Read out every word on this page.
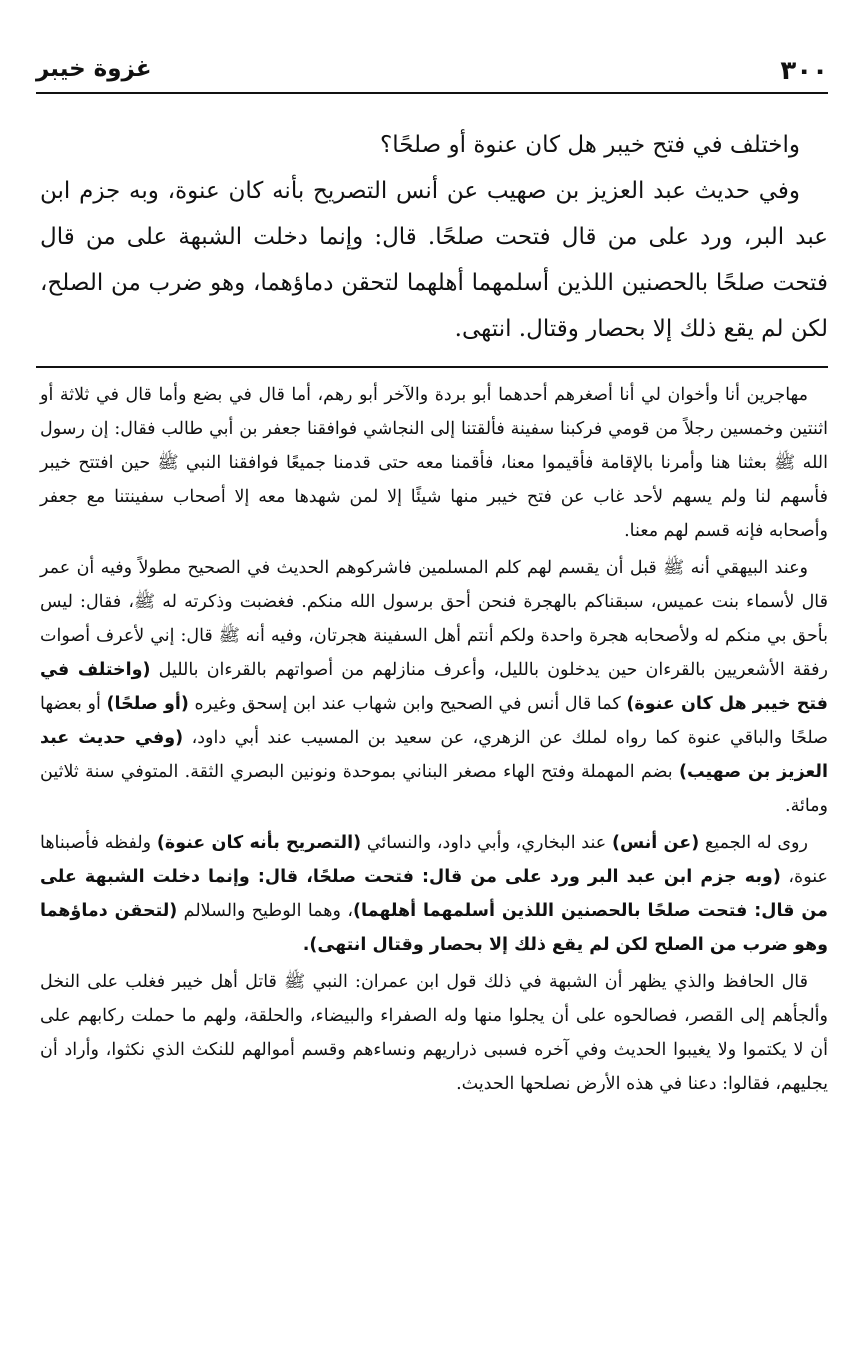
٣٠٠
غزوة خيبر

واختلف في فتح خيبر هل كان عنوة أو صلحًا؟

وفي حديث عبد العزيز بن صهيب عن أنس التصريح بأنه كان عنوة، وبه جزم ابن عبد البر، ورد على من قال فتحت صلحًا. قال: وإنما دخلت الشبهة على من قال فتحت صلحًا بالحصنين اللذين أسلمهما أهلهما لتحقن دماؤهما، وهو ضرب من الصلح، لكن لم يقع ذلك إلا بحصار وقتال. انتهى.

مهاجرين أنا وأخوان لي أنا أصغرهم أحدهما أبو بردة والآخر أبو رهم، أما قال في بضع وأما قال في ثلاثة أو اثنتين وخمسين رجلاً من قومي فركبنا سفينة فألقتنا إلى النجاشي فوافقنا جعفر بن أبي طالب فقال: إن رسول الله ﷺ بعثنا هنا وأمرنا بالإقامة فأقيموا معنا، فأقمنا معه حتى قدمنا جميعًا فوافقنا النبي ﷺ حين افتتح خيبر فأسهم لنا ولم يسهم لأحد غاب عن فتح خيبر منها شيئًا إلا لمن شهدها معه إلا أصحاب سفينتنا مع جعفر وأصحابه فإنه قسم لهم معنا.

وعند البيهقي أنه ﷺ قبل أن يقسم لهم كلم المسلمين فاشركوهم الحديث في الصحيح مطولاً وفيه أن عمر قال لأسماء بنت عميس، سبقناكم بالهجرة فنحن أحق برسول الله منكم. فغضبت وذكرته له ﷺ، فقال: ليس بأحق بي منكم له ولأصحابه هجرة واحدة ولكم أنتم أهل السفينة هجرتان، وفيه أنه ﷺ قال: إني لأعرف أصوات رفقة الأشعريين بالقرءان حين يدخلون بالليل، وأعرف منازلهم من أصواتهم بالقرءان بالليل (واختلف في فتح خيبر هل كان عنوة) كما قال أنس في الصحيح وابن شهاب عند ابن إسحق وغيره (أو صلحًا) أو بعضها صلحًا والباقي عنوة كما رواه لملك عن الزهري، عن سعيد بن المسيب عند أبي داود، (وفي حديث عبد العزيز بن صهيب) بضم المهملة وفتح الهاء مصغر البناني بموحدة ونونين البصري الثقة. المتوفي سنة ثلاثين ومائة.

روى له الجميع (عن أنس) عند البخاري، وأبي داود، والنسائي (التصريح بأنه كان عنوة) ولفظه فأصبناها عنوة، (وبه جزم ابن عبد البر ورد على من قال: فتحت صلحًا، قال: وإنما دخلت الشبهة على من قال: فتحت صلحًا بالحصنين اللذين أسلمهما أهلهما)، وهما الوطيح والسلالم (لتحقن دماؤهما وهو ضرب من الصلح لكن لم يقع ذلك إلا بحصار وقتال انتهى).

قال الحافظ والذي يظهر أن الشبهة في ذلك قول ابن عمران: النبي ﷺ قاتل أهل خيبر فغلب على النخل وألجأهم إلى القصر، فصالحوه على أن يجلوا منها وله الصفراء والبيضاء، والحلقة، ولهم ما حملت ركابهم على أن لا يكتموا ولا يغيبوا الحديث وفي آخره فسبى ذراريهم ونساءهم وقسم أموالهم للنكث الذي نكثوا، وأراد أن يجليهم، فقالوا: دعنا في هذه الأرض نصلحها الحديث.
